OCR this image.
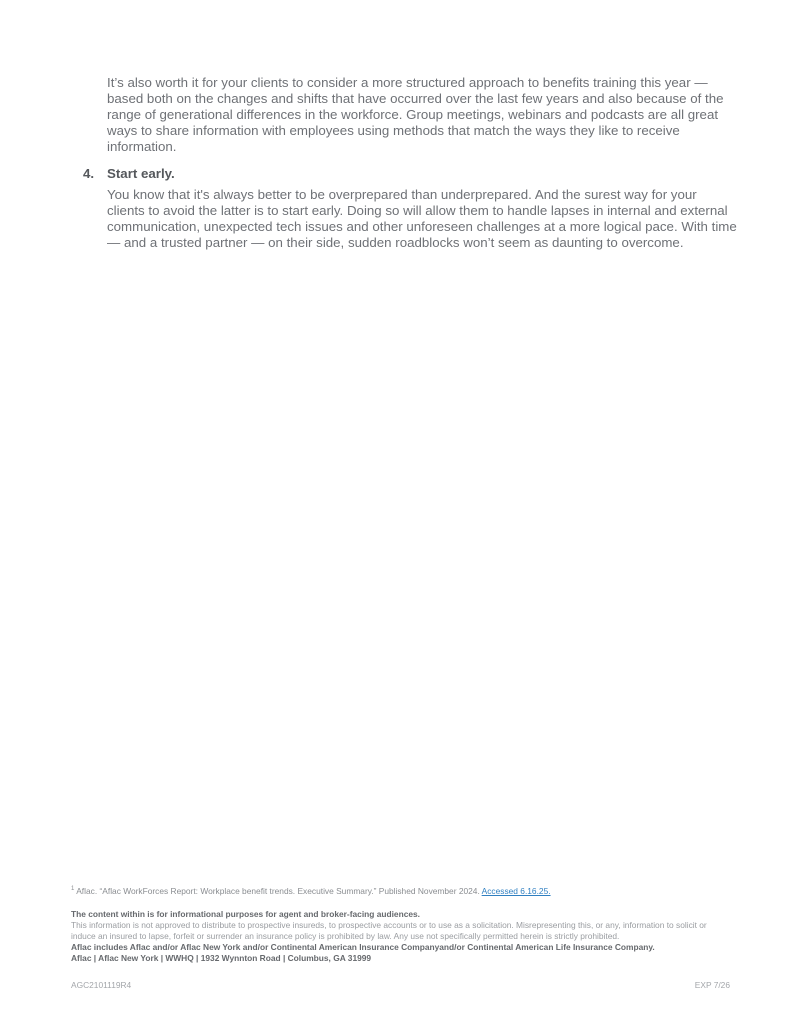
It’s also worth it for your clients to consider a more structured approach to benefits training this year — based both on the changes and shifts that have occurred over the last few years and also because of the range of generational differences in the workforce. Group meetings, webinars and podcasts are all great ways to share information with employees using methods that match the ways they like to receive information.
4. Start early.
You know that it's always better to be overprepared than underprepared. And the surest way for your clients to avoid the latter is to start early. Doing so will allow them to handle lapses in internal and external communication, unexpected tech issues and other unforeseen challenges at a more logical pace. With time — and a trusted partner — on their side, sudden roadblocks won’t seem as daunting to overcome.
$^1$ Aflac. “Aflac WorkForces Report: Workplace benefit trends. Executive Summary.” Published November 2024. Accessed 6.16.25.
The content within is for informational purposes for agent and broker-facing audiences.
This information is not approved to distribute to prospective insureds, to prospective accounts or to use as a solicitation. Misrepresenting this, or any, information to solicit or induce an insured to lapse, forfeit or surrender an insurance policy is prohibited by law. Any use not specifically permitted herein is strictly prohibited.
Aflac includes Aflac and/or Aflac New York and/or Continental American Insurance Companyand/or Continental American Life Insurance Company.
Aflac | Aflac New York | WWHQ | 1932 Wynnton Road | Columbus, GA 31999
AGC2101119R4	EXP 7/26
